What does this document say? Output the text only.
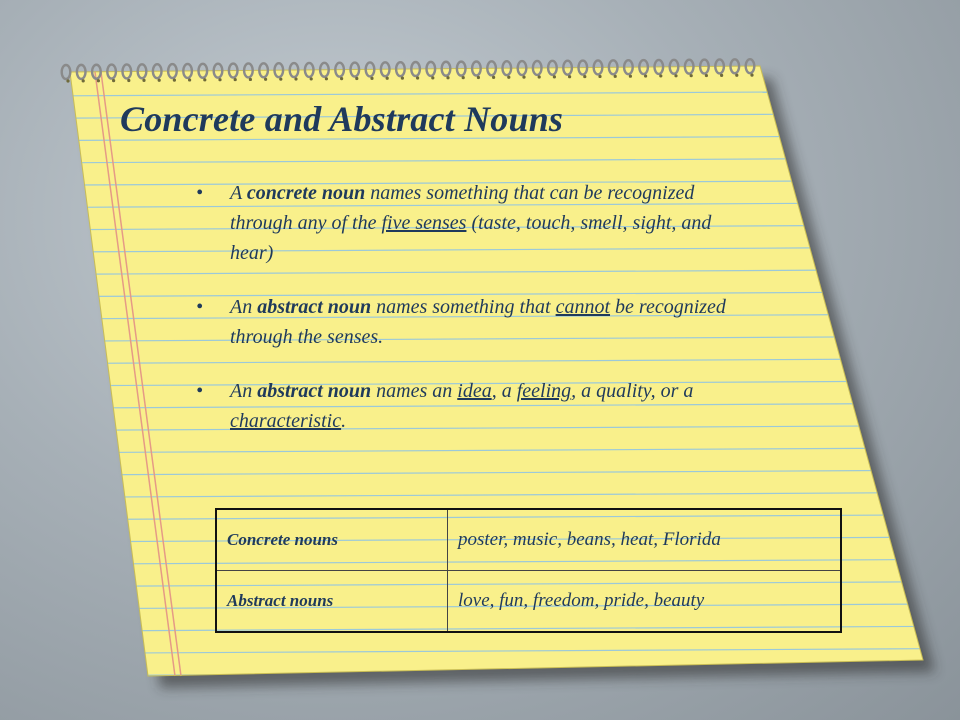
Concrete and Abstract Nouns
• A concrete noun names something that can be recognized through any of the five senses (taste, touch, smell, sight, and hear)
• An abstract noun names something that cannot be recognized through the senses.
• An abstract noun names an idea, a feeling, a quality, or a characteristic.
Concrete nouns	poster, music, beans, heat, Florida
Abstract nouns	love, fun, freedom, pride, beauty
